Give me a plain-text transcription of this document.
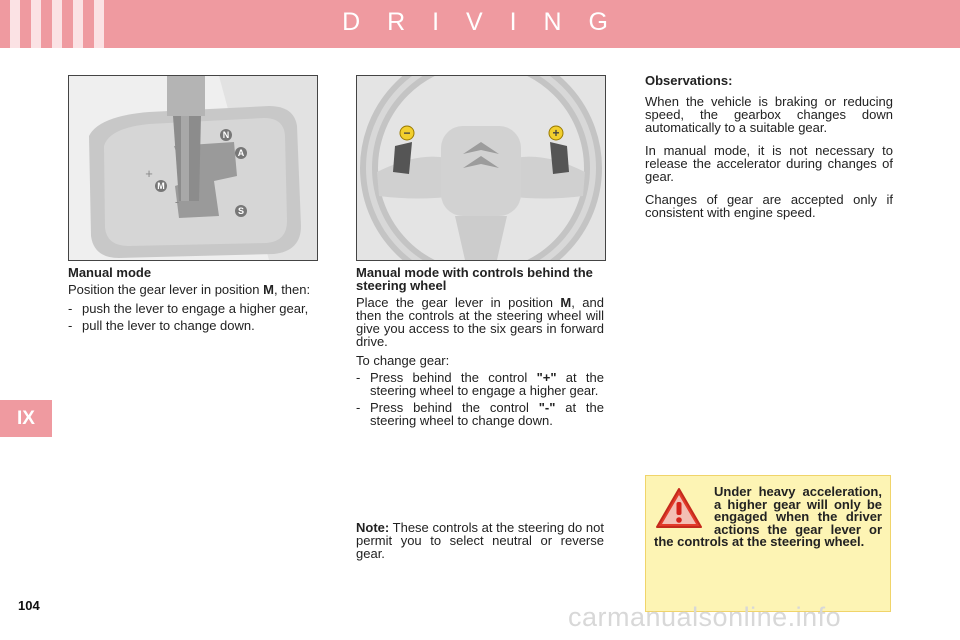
D R I V I N G
IX
N
A
M
S
+
-
−	+
Manual mode

Position the gear lever in position M, then:

- push the lever to engage a higher gear,
- pull the lever to change down.
Manual mode with controls behind the steering wheel

Place the gear lever in position M, and then the controls at the steering wheel will give you access to the six gears in forward drive.

To change gear:

- Press behind the control "+" at the steering wheel to engage a higher gear.
- Press behind the control "-" at the steering wheel to change down.

Note: These controls at the steering do not permit you to select neutral or reverse gear.

Observations:

When the vehicle is braking or reducing speed, the gearbox changes down automatically to a suitable gear.

In manual mode, it is not necessary to release the accelerator during changes of gear.

Changes of gear are accepted only if consistent with engine speed.

Under heavy acceleration, a higher gear will only be engaged when the driver actions the gear lever or the controls at the steering wheel.
104	carmanualsonline.info
